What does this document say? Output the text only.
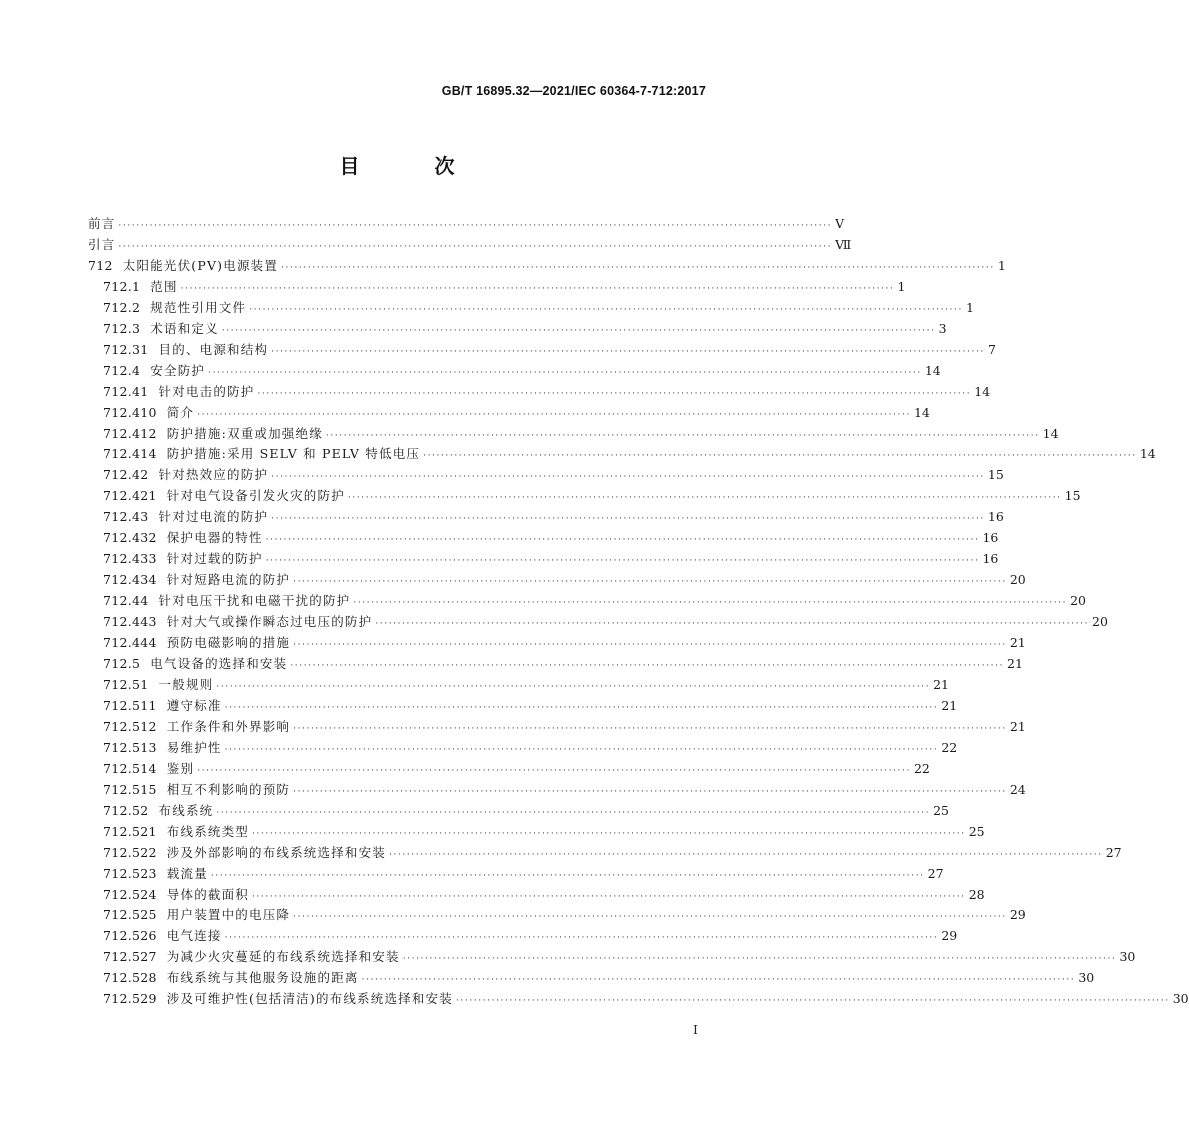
GB/T 16895.32—2021/IEC 60364-7-712:2017
目 次
前言 ································································································································································ Ⅴ
引言 ································································································································································ Ⅶ
712 太阳能光伏(PV)电源装置 ································································································································································ 1
712.1 范围 ································································································································································ 1
712.2 规范性引用文件 ································································································································································ 1
712.3 术语和定义 ································································································································································ 3
712.31 目的、电源和结构 ································································································································································ 7
712.4 安全防护 ································································································································································ 14
712.41 针对电击的防护 ································································································································································ 14
712.410 简介 ································································································································································ 14
712.412 防护措施:双重或加强绝缘 ································································································································································ 14
712.414 防护措施:采用 SELV 和 PELV 特低电压 ································································································································································ 14
712.42 针对热效应的防护 ································································································································································ 15
712.421 针对电气设备引发火灾的防护 ································································································································································ 15
712.43 针对过电流的防护 ································································································································································ 16
712.432 保护电器的特性 ································································································································································ 16
712.433 针对过载的防护 ································································································································································ 16
712.434 针对短路电流的防护 ································································································································································ 20
712.44 针对电压干扰和电磁干扰的防护 ································································································································································ 20
712.443 针对大气或操作瞬态过电压的防护 ································································································································································ 20
712.444 预防电磁影响的措施 ································································································································································ 21
712.5 电气设备的选择和安装 ································································································································································ 21
712.51 一般规则 ································································································································································ 21
712.511 遵守标准 ································································································································································ 21
712.512 工作条件和外界影响 ································································································································································ 21
712.513 易维护性 ································································································································································ 22
712.514 鉴别 ································································································································································ 22
712.515 相互不利影响的预防 ································································································································································ 24
712.52 布线系统 ································································································································································ 25
712.521 布线系统类型 ································································································································································ 25
712.522 涉及外部影响的布线系统选择和安装 ································································································································································ 27
712.523 载流量 ································································································································································ 27
712.524 导体的截面积 ································································································································································ 28
712.525 用户装置中的电压降 ································································································································································ 29
712.526 电气连接 ································································································································································ 29
712.527 为减少火灾蔓延的布线系统选择和安装 ································································································································································ 30
712.528 布线系统与其他服务设施的距离 ································································································································································ 30
712.529 涉及可维护性(包括清洁)的布线系统选择和安装 ································································································································································ 30
I
